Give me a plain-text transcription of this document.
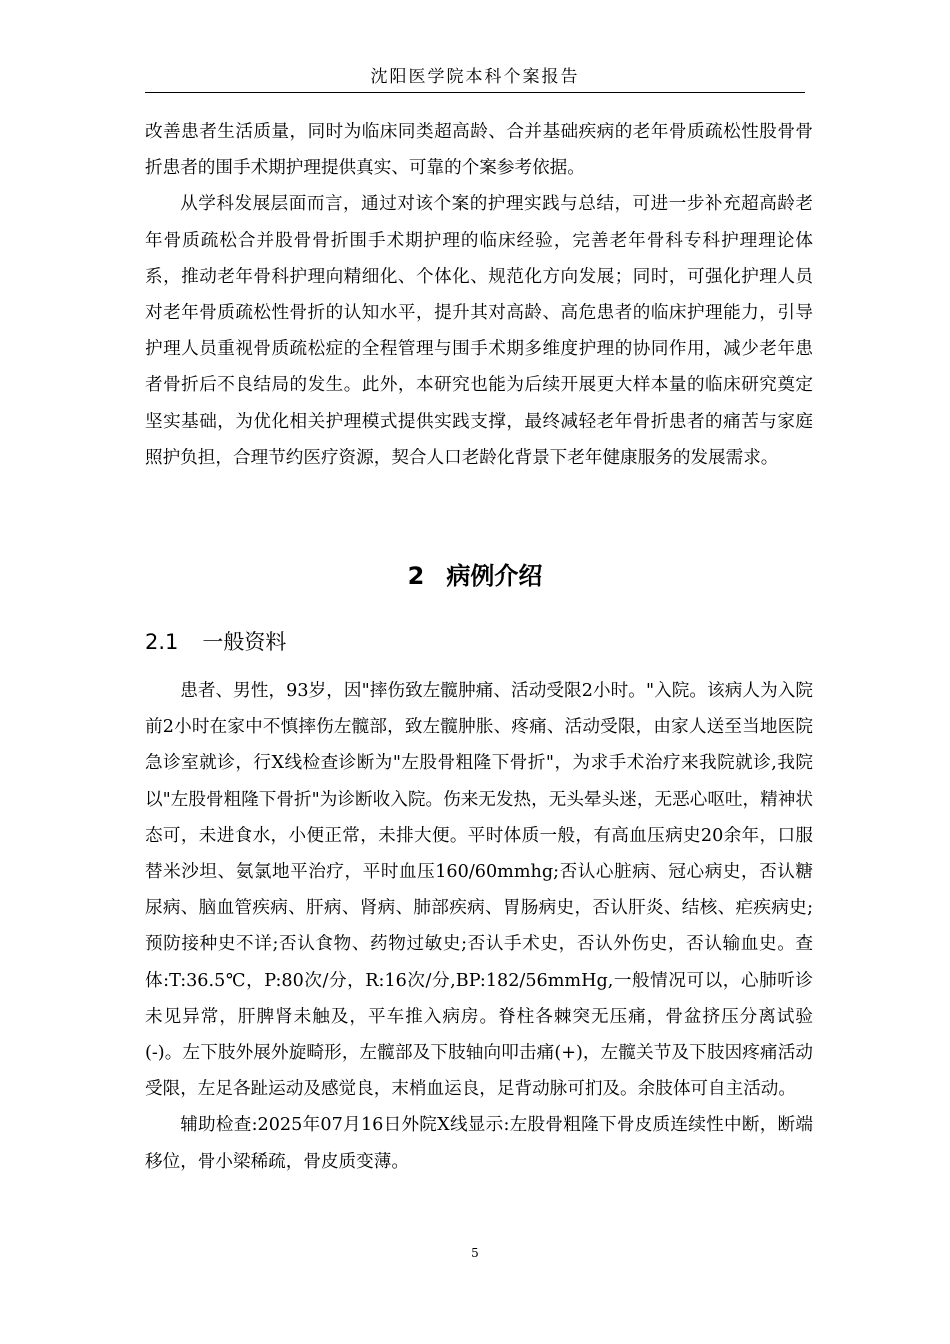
沈阳医学院本科个案报告

改善患者生活质量，同时为临床同类超高龄、合并基础疾病的老年骨质疏松性股骨骨折患者的围手术期护理提供真实、可靠的个案参考依据。

从学科发展层面而言，通过对该个案的护理实践与总结，可进一步补充超高龄老年骨质疏松合并股骨骨折围手术期护理的临床经验，完善老年骨科专科护理理论体系，推动老年骨科护理向精细化、个体化、规范化方向发展；同时，可强化护理人员对老年骨质疏松性骨折的认知水平，提升其对高龄、高危患者的临床护理能力，引导护理人员重视骨质疏松症的全程管理与围手术期多维度护理的协同作用，减少老年患者骨折后不良结局的发生。此外，本研究也能为后续开展更大样本量的临床研究奠定坚实基础，为优化相关护理模式提供实践支撑，最终减轻老年骨折患者的痛苦与家庭照护负担，合理节约医疗资源，契合人口老龄化背景下老年健康服务的发展需求。

2 病例介绍
2.1 一般资料

患者、男性，93岁，因"摔伤致左髋肿痛、活动受限2小时。"入院。该病人为入院前2小时在家中不慎摔伤左髋部，致左髋肿胀、疼痛、活动受限，由家人送至当地医院急诊室就诊，行X线检查诊断为"左股骨粗隆下骨折"，为求手术治疗来我院就诊,我院以"左股骨粗隆下骨折"为诊断收入院。伤来无发热，无头晕头迷，无恶心呕吐，精神状态可，未进食水，小便正常，未排大便。平时体质一般，有高血压病史20余年，口服替米沙坦、氨氯地平治疗，平时血压160/60mmhg;否认心脏病、冠心病史，否认糖尿病、脑血管疾病、肝病、肾病、肺部疾病、胃肠病史，否认肝炎、结核、疟疾病史;预防接种史不详;否认食物、药物过敏史;否认手术史，否认外伤史，否认输血史。查体:T:36.5℃，P:80次/分，R:16次/分,BP:182/56mmHg,一般情况可以，心肺听诊未见异常，肝脾肾未触及，平车推入病房。脊柱各棘突无压痛，骨盆挤压分离试验(-)。左下肢外展外旋畸形，左髋部及下肢轴向叩击痛(+)，左髋关节及下肢因疼痛活动受限，左足各趾运动及感觉良，末梢血运良，足背动脉可扪及。余肢体可自主活动。

辅助检查:2025年07月16日外院X线显示:左股骨粗隆下骨皮质连续性中断，断端移位，骨小梁稀疏，骨皮质变薄。

5
